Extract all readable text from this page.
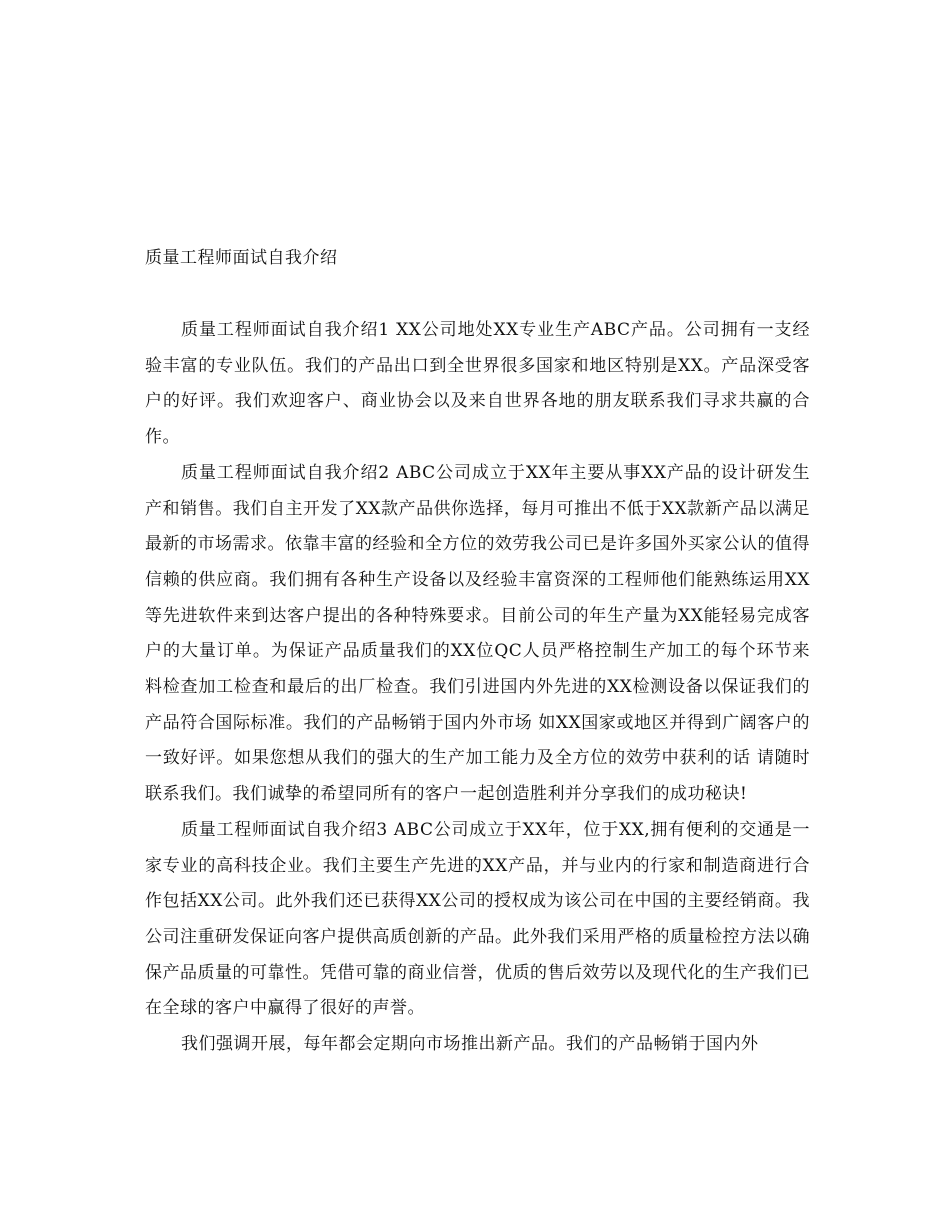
质量工程师面试自我介绍

质量工程师面试自我介绍1 XX公司地处XX专业生产ABC产品。公司拥有一支经验丰富的专业队伍。我们的产品出口到全世界很多国家和地区特别是XX。产品深受客户的好评。我们欢迎客户、商业协会以及来自世界各地的朋友联系我们寻求共赢的合作。

质量工程师面试自我介绍2 ABC公司成立于XX年主要从事XX产品的设计研发生产和销售。我们自主开发了XX款产品供你选择，每月可推出不低于XX款新产品以满足最新的市场需求。依靠丰富的经验和全方位的效劳我公司已是许多国外买家公认的值得信赖的供应商。我们拥有各种生产设备以及经验丰富资深的工程师他们能熟练运用XX等先进软件来到达客户提出的各种特殊要求。目前公司的年生产量为XX能轻易完成客户的大量订单。为保证产品质量我们的XX位QC人员严格控制生产加工的每个环节来料检查加工检查和最后的出厂检查。我们引进国内外先进的XX检测设备以保证我们的产品符合国际标准。我们的产品畅销于国内外市场 如XX国家或地区并得到广阔客户的一致好评。如果您想从我们的强大的生产加工能力及全方位的效劳中获利的话 请随时联系我们。我们诚挚的希望同所有的客户一起创造胜利并分享我们的成功秘诀!

质量工程师面试自我介绍3 ABC公司成立于XX年，位于XX,拥有便利的交通是一家专业的高科技企业。我们主要生产先进的XX产品，并与业内的行家和制造商进行合作包括XX公司。此外我们还已获得XX公司的授权成为该公司在中国的主要经销商。我公司注重研发保证向客户提供高质创新的产品。此外我们采用严格的质量检控方法以确保产品质量的可靠性。凭借可靠的商业信誉，优质的售后效劳以及现代化的生产我们已在全球的客户中赢得了很好的声誉。

我们强调开展，每年都会定期向市场推出新产品。我们的产品畅销于国内外
